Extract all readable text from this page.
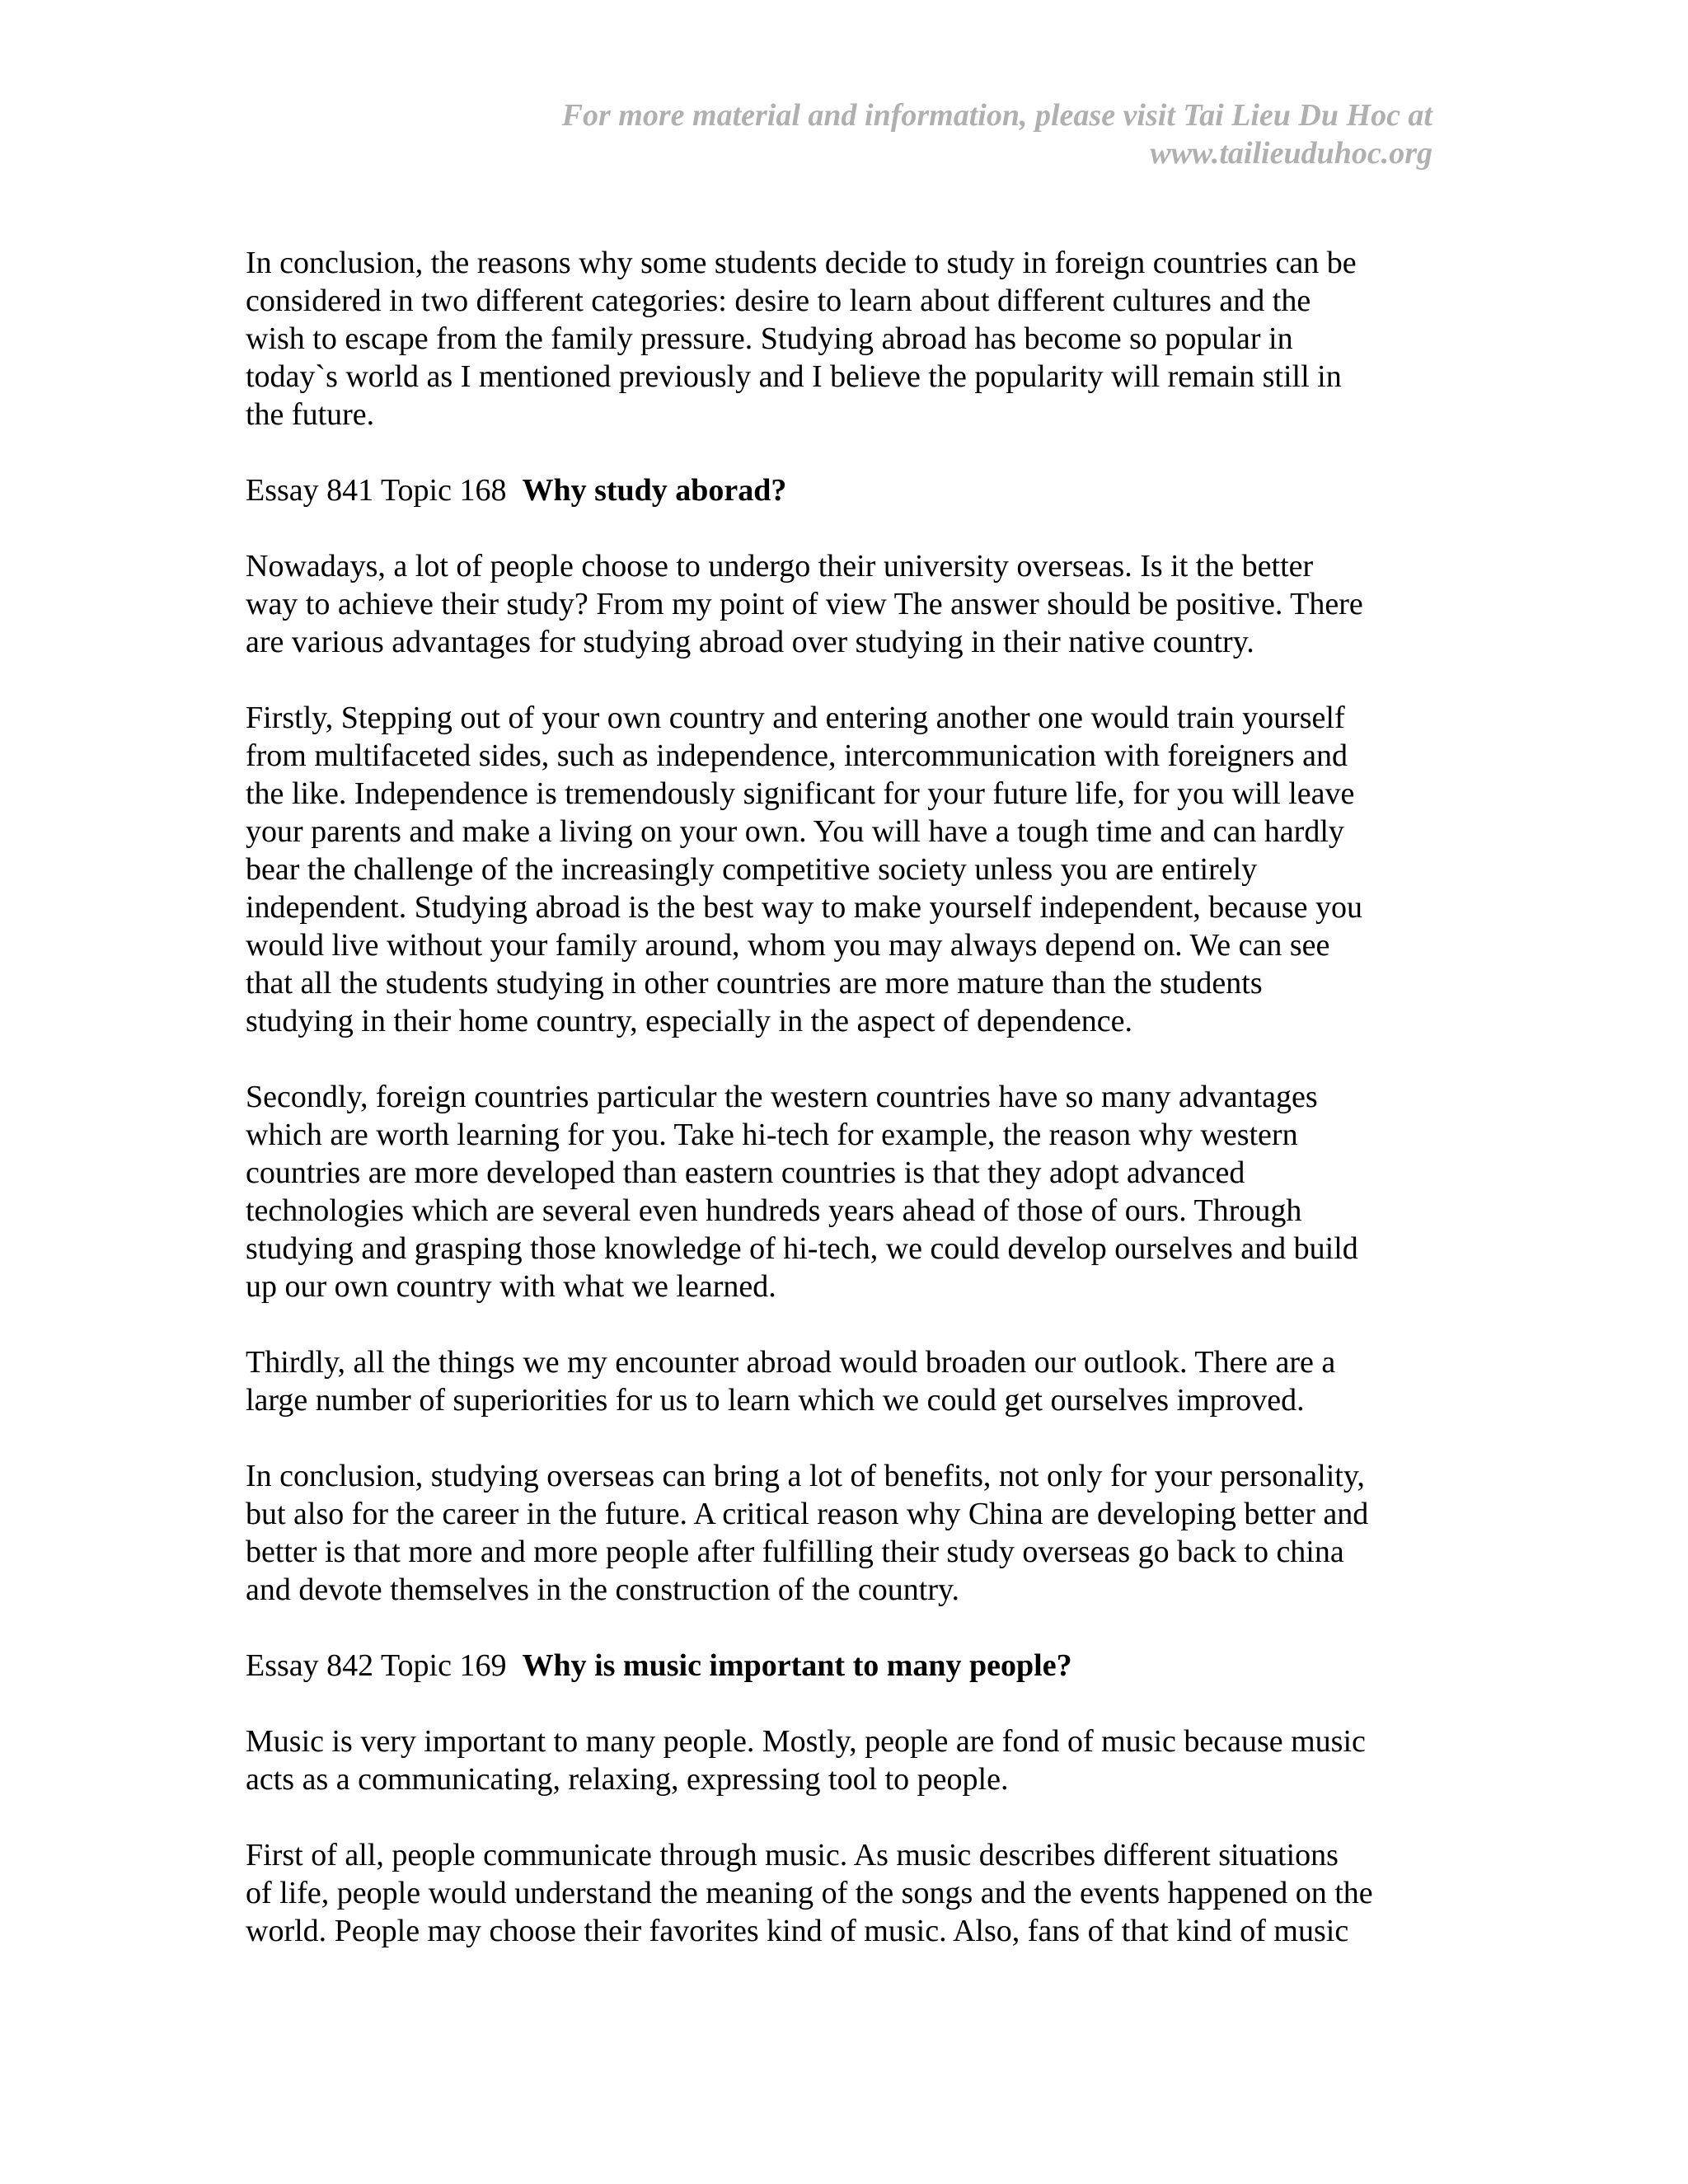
For more material and information, please visit Tai Lieu Du Hoc at
www.tailieuduhoc.org
In conclusion, the reasons why some students decide to study in foreign countries can be
considered in two different categories: desire to learn about different cultures and the
wish to escape from the family pressure. Studying abroad has become so popular in
today`s world as I mentioned previously and I believe the popularity will remain still in
the future.
Essay 841 Topic 168 Why study aborad?
Nowadays, a lot of people choose to undergo their university overseas. Is it the better
way to achieve their study? From my point of view The answer should be positive. There
are various advantages for studying abroad over studying in their native country.
Firstly, Stepping out of your own country and entering another one would train yourself
from multifaceted sides, such as independence, intercommunication with foreigners and
the like. Independence is tremendously significant for your future life, for you will leave
your parents and make a living on your own. You will have a tough time and can hardly
bear the challenge of the increasingly competitive society unless you are entirely
independent. Studying abroad is the best way to make yourself independent, because you
would live without your family around, whom you may always depend on. We can see
that all the students studying in other countries are more mature than the students
studying in their home country, especially in the aspect of dependence.
Secondly, foreign countries particular the western countries have so many advantages
which are worth learning for you. Take hi-tech for example, the reason why western
countries are more developed than eastern countries is that they adopt advanced
technologies which are several even hundreds years ahead of those of ours. Through
studying and grasping those knowledge of hi-tech, we could develop ourselves and build
up our own country with what we learned.
Thirdly, all the things we my encounter abroad would broaden our outlook. There are a
large number of superiorities for us to learn which we could get ourselves improved.
In conclusion, studying overseas can bring a lot of benefits, not only for your personality,
but also for the career in the future. A critical reason why China are developing better and
better is that more and more people after fulfilling their study overseas go back to china
and devote themselves in the construction of the country.
Essay 842 Topic 169 Why is music important to many people?
Music is very important to many people. Mostly, people are fond of music because music
acts as a communicating, relaxing, expressing tool to people.
First of all, people communicate through music. As music describes different situations
of life, people would understand the meaning of the songs and the events happened on the
world. People may choose their favorites kind of music. Also, fans of that kind of music
